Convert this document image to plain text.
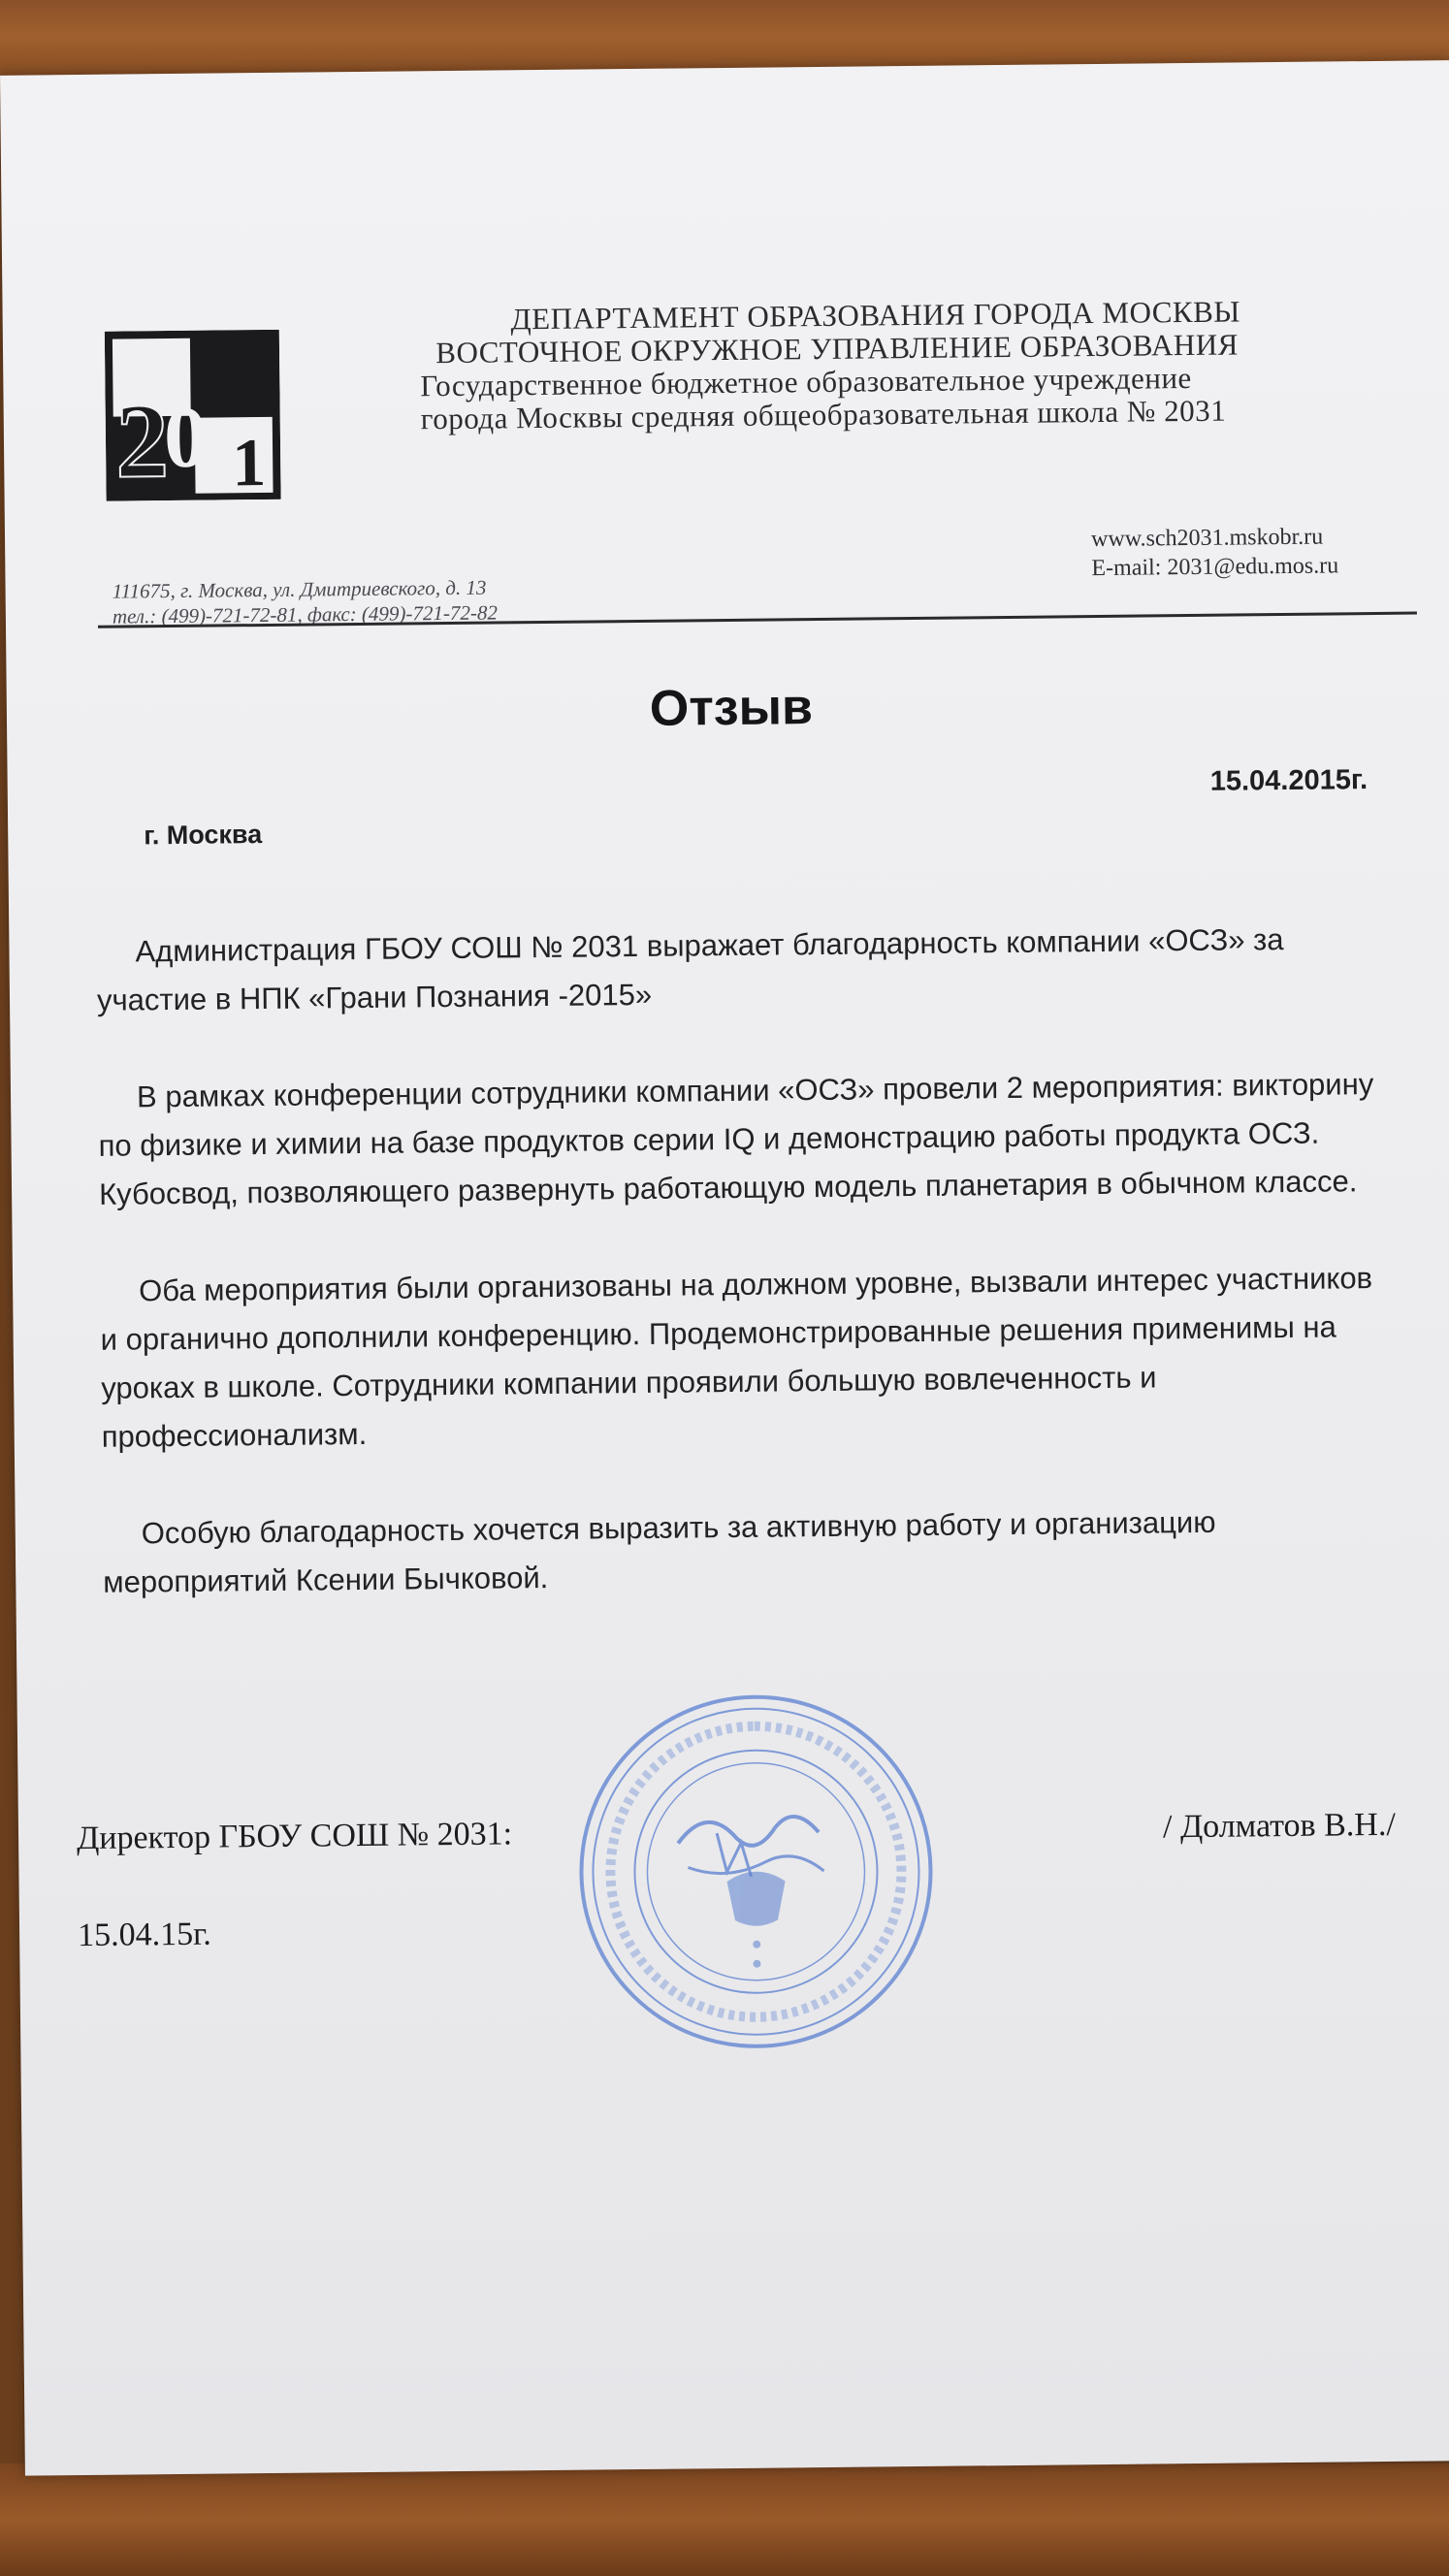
2
0
3
1
ДЕПАРТАМЕНТ ОБРАЗОВАНИЯ ГОРОДА МОСКВЫ
ВОСТОЧНОЕ ОКРУЖНОЕ УПРАВЛЕНИЕ ОБРАЗОВАНИЯ
Государственное бюджетное образовательное учреждение
города Москвы средняя общеобразовательная школа № 2031
111675, г. Москва, ул. Дмитриевского, д. 13
тел.: (499)-721-72-81, факс: (499)-721-72-82
www.sch2031.mskobr.ru
E-mail: 2031@edu.mos.ru
Отзыв
15.04.2015г.
г. Москва

Администрация ГБОУ СОШ № 2031 выражает благодарность компании «ОСЗ» за участие в НПК «Грани Познания -2015»

В рамках конференции сотрудники компании «ОСЗ» провели 2 мероприятия: викторину по физике и химии на базе продуктов серии IQ и демонстрацию работы продукта ОСЗ. Кубосвод, позволяющего развернуть работающую модель планетария в обычном классе.

Оба мероприятия были организованы на должном уровне, вызвали интерес участников и органично дополнили конференцию. Продемонстрированные решения применимы на уроках в школе. Сотрудники компании проявили большую вовлеченность и профессионализм.

Особую благодарность хочется выразить за активную работу и организацию мероприятий Ксении Бычковой.

Директор ГБОУ СОШ № 2031:	/ Долматов В.Н./
15.04.15г.
